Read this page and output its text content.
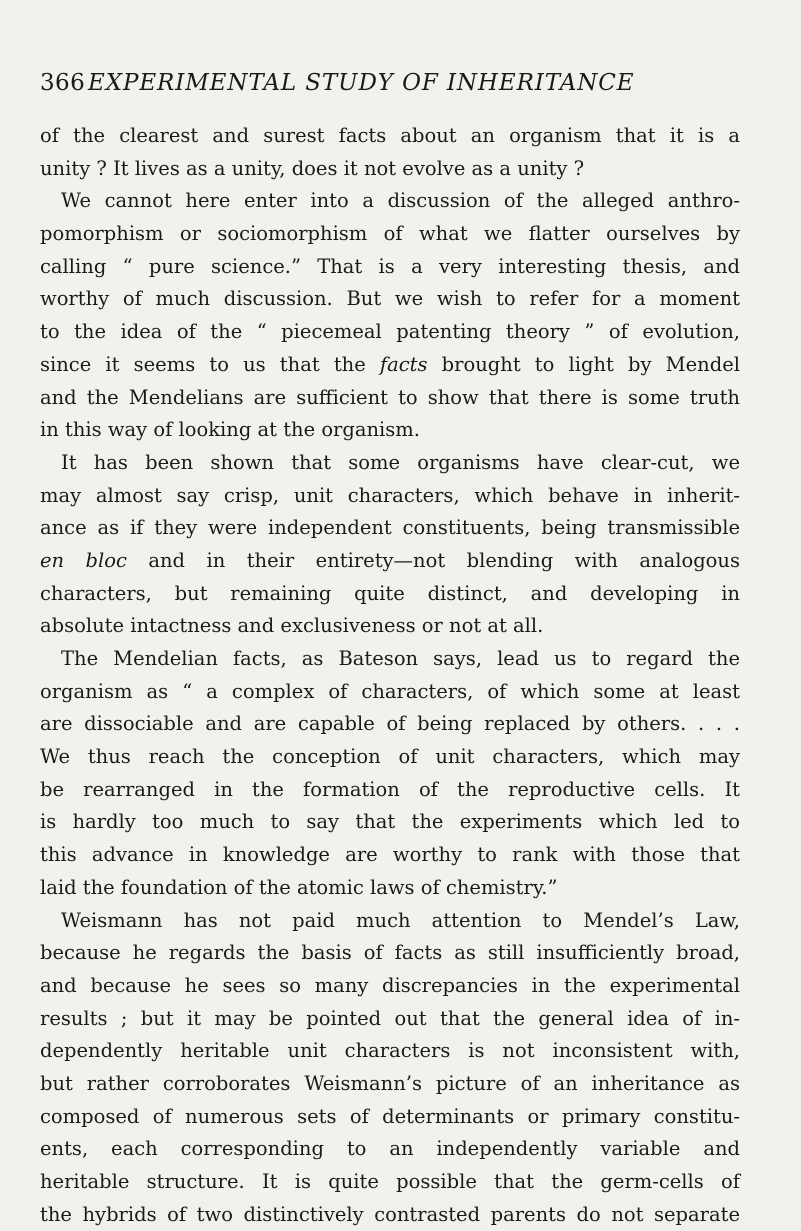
366 EXPERIMENTAL STUDY OF INHERITANCE
of the clearest and surest facts about an organism that it is a
unity ? It lives as a unity, does it not evolve as a unity ?
We cannot here enter into a discussion of the alleged anthro-
pomorphism or sociomorphism of what we flatter ourselves by
calling “ pure science.” That is a very interesting thesis, and
worthy of much discussion. But we wish to refer for a moment
to the idea of the “ piecemeal patenting theory ” of evolution,
since it seems to us that the facts brought to light by Mendel
and the Mendelians are sufficient to show that there is some truth
in this way of looking at the organism.
It has been shown that some organisms have clear-cut, we
may almost say crisp, unit characters, which behave in inherit-
ance as if they were independent constituents, being transmissible
en bloc and in their entirety—not blending with analogous
characters, but remaining quite distinct, and developing in
absolute intactness and exclusiveness or not at all.
The Mendelian facts, as Bateson says, lead us to regard the
organism as “ a complex of characters, of which some at least
are dissociable and are capable of being replaced by others. . . .
We thus reach the conception of unit characters, which may
be rearranged in the formation of the reproductive cells. It
is hardly too much to say that the experiments which led to
this advance in knowledge are worthy to rank with those that
laid the foundation of the atomic laws of chemistry.”
Weismann has not paid much attention to Mendel’s Law,
because he regards the basis of facts as still insufficiently broad,
and because he sees so many discrepancies in the experimental
results ; but it may be pointed out that the general idea of in-
dependently heritable unit characters is not inconsistent with,
but rather corroborates Weismann’s picture of an inheritance as
composed of numerous sets of determinants or primary constitu-
ents, each corresponding to an independently variable and
heritable structure. It is quite possible that the germ-cells of
the hybrids of two distinctively contrasted parents do not separate
